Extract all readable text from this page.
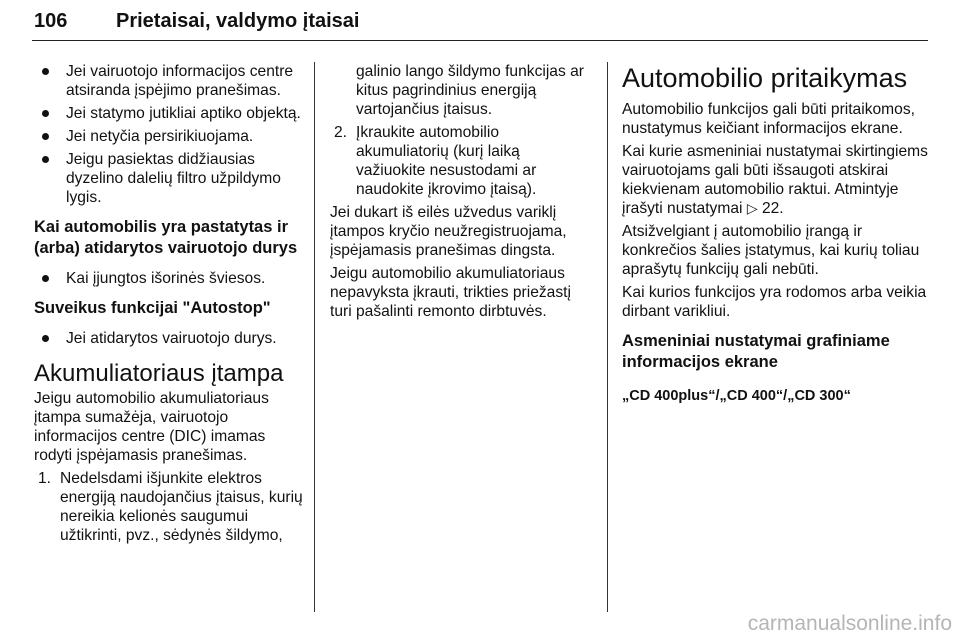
106 Prietaisai, valdymo įtaisai
Jei vairuotojo informacijos centre atsiranda įspėjimo pranešimas.
Jei statymo jutikliai aptiko objektą.
Jei netyčia persirikiuojama.
Jeigu pasiektas didžiausias dyzelino dalelių filtro užpildymo lygis.
Kai automobilis yra pastatytas ir (arba) atidarytos vairuotojo durys
Kai įjungtos išorinės šviesos.
Suveikus funkcijai "Autostop"
Jei atidarytos vairuotojo durys.
Akumuliatoriaus įtampa

Jeigu automobilio akumuliatoriaus įtampa sumažėja, vairuotojo informacijos centre (DIC) imamas rodyti įspėjamasis pranešimas.

1. Nedelsdami išjunkite elektros energiją naudojančius įtaisus, kurių nereikia kelionės saugumui užtikrinti, pvz., sėdynės šildymo,
galinio lango šildymo funkcijas ar kitus pagrindinius energiją vartojančius įtaisus.
2. Įkraukite automobilio akumuliatorių (kurį laiką važiuokite nesustodami ar naudokite įkrovimo įtaisą).

Jei dukart iš eilės užvedus variklį įtampos kryčio neužregistruojama, įspėjamasis pranešimas dingsta.

Jeigu automobilio akumuliatoriaus nepavyksta įkrauti, trikties priežastį turi pašalinti remonto dirbtuvės.

Automobilio pritaikymas

Automobilio funkcijos gali būti pritaikomos, nustatymus keičiant informacijos ekrane.

Kai kurie asmeniniai nustatymai skirtingiems vairuotojams gali būti išsaugoti atskirai kiekvienam automobilio raktui. Atmintyje įrašyti nustatymai ▷ 22.

Atsižvelgiant į automobilio įrangą ir konkrečios šalies įstatymus, kai kurių toliau aprašytų funkcijų gali nebūti.

Kai kurios funkcijos yra rodomos arba veikia dirbant varikliui.

Asmeniniai nustatymai grafiniame informacijos ekrane
„CD 400plus“/„CD 400“/„CD 300“
carmanualsonline.info
